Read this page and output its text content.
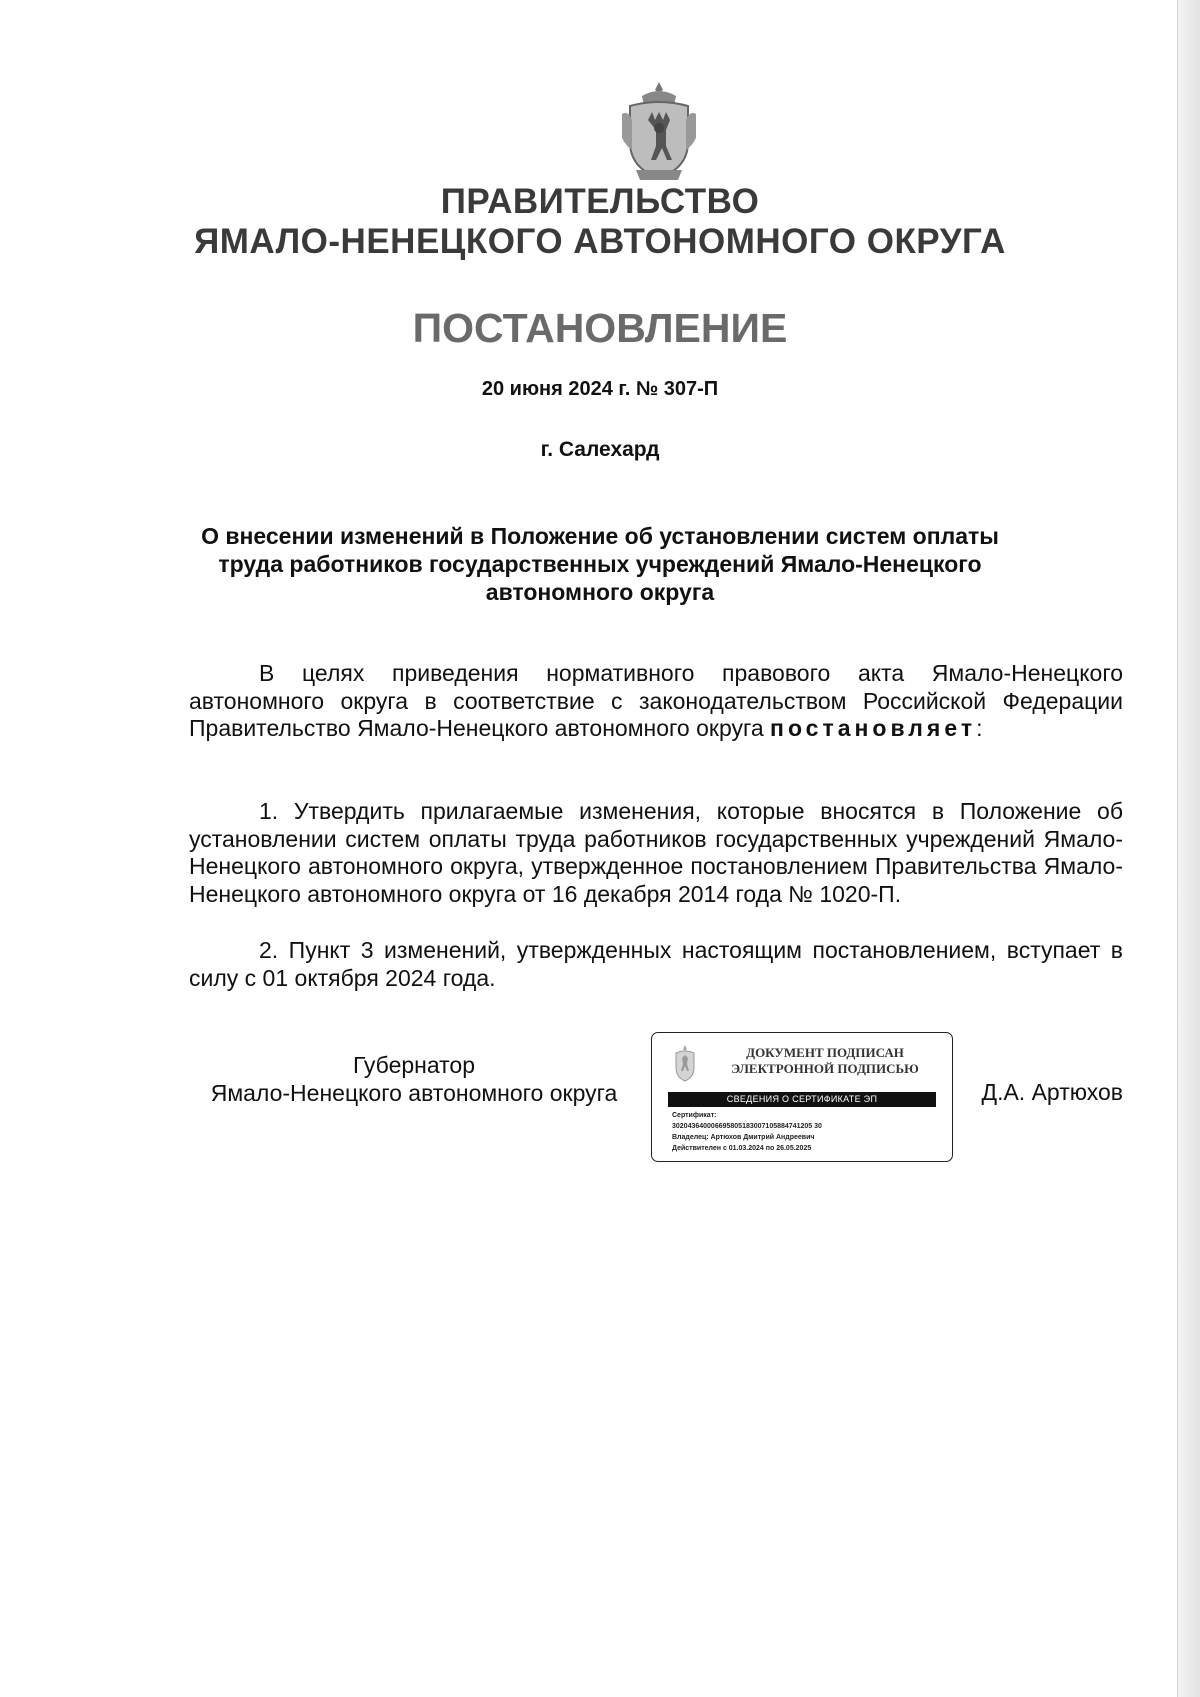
ПРАВИТЕЛЬСТВО
ЯМАЛО-НЕНЕЦКОГО АВТОНОМНОГО ОКРУГА
ПОСТАНОВЛЕНИЕ
20 июня 2024 г. № 307-П
г. Салехард
О внесении изменений в Положение об установлении систем оплаты труда работников государственных учреждений Ямало-Ненецкого автономного округа
В целях приведения нормативного правового акта Ямало-Ненецкого автономного округа в соответствие с законодательством Российской Федерации Правительство Ямало-Ненецкого автономного округа постановляет:
1. Утвердить прилагаемые изменения, которые вносятся в Положение об установлении систем оплаты труда работников государственных учреждений Ямало-Ненецкого автономного округа, утвержденное постановлением Правительства Ямало-Ненецкого автономного округа от 16 декабря 2014 года № 1020-П.
2. Пункт 3 изменений, утвержденных настоящим постановлением, вступает в силу с 01 октября 2024 года.
Губернатор
Ямало-Ненецкого автономного округа
ДОКУМЕНТ ПОДПИСАН
ЭЛЕКТРОННОЙ ПОДПИСЬЮ
СВЕДЕНИЯ О СЕРТИФИКАТЕ ЭП
Сертификат:
302043640006695805183007105884741205 30
Владелец: Артюхов Дмитрий Андреевич
Действителен с 01.03.2024 по 26.05.2025
Д.А. Артюхов
